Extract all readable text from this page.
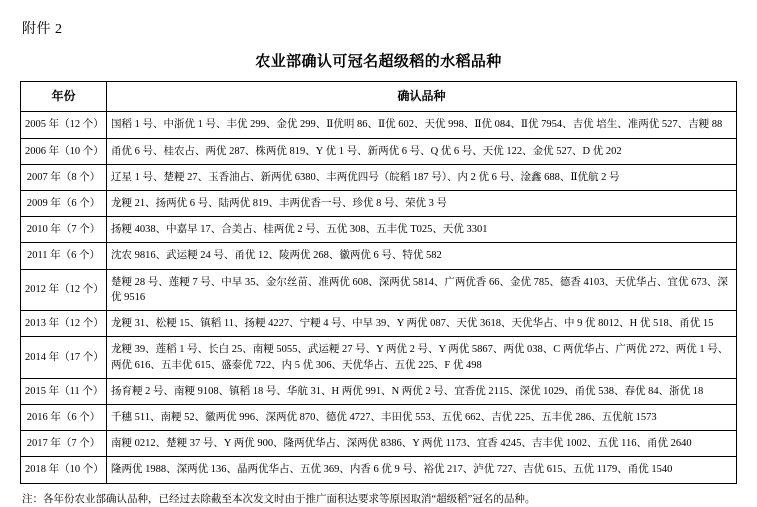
附件 2
农业部确认可冠名超级稻的水稻品种
年份	确认品种
2005 年（12 个）	国稻 1 号、中浙优 1 号、丰优 299、金优 299、Ⅱ优明 86、Ⅱ优 602、天优 998、Ⅱ优 084、Ⅱ优 7954、吉优 培生、准两优 527、吉粳 88
2006 年（10 个）	甬优 6 号、桂农占、两优 287、株两优 819、Y 优 1 号、新两优 6 号、Q 优 6 号、天优 122、金优 527、D 优 202
2007 年（8 个）	辽星 1 号、楚粳 27、玉香油占、新两优 6380、丰两优四号（皖稻 187 号）、内 2 优 6 号、淦鑫 688、Ⅱ优航 2 号
2009 年（6 个）	龙粳 21、扬两优 6 号、陆两优 819、丰两优香一号、珍优 8 号、荣优 3 号
2010 年（7 个）	扬粳 4038、中嘉早 17、合美占、桂两优 2 号、五优 308、五丰优 T025、天优 3301
2011 年（6 个）	沈农 9816、武运粳 24 号、甬优 12、陵两优 268、徽两优 6 号、特优 582
2012 年（12 个）	楚粳 28 号、莲粳 7 号、中早 35、金尔丝苗、准两优 608、深两优 5814、广两优香 66、金优 785、德香 4103、天优华占、宜优 673、深优 9516
2013 年（12 个）	龙粳 31、松粳 15、镇稻 11、扬粳 4227、宁粳 4 号、中早 39、Y 两优 087、天优 3618、天优华占、中 9 优 8012、H 优 518、甬优 15
2014 年（17 个）	龙粳 39、莲稻 1 号、长白 25、南粳 5055、武运粳 27 号、Y 两优 2 号、Y 两优 5867、两优 038、C 两优华占、广两优 272、两优 1 号、两优 616、五丰优 615、盛泰优 722、内 5 优 306、天优华占、五优 225、F 优 498
2015 年（11 个）	扬育粳 2 号、南粳 9108、镇稻 18 号、华航 31、H 两优 991、N 两优 2 号、宜香优 2115、深优 1029、甬优 538、春优 84、浙优 18
2016 年（6 个）	千穗 511、南粳 52、徽两优 996、深两优 870、德优 4727、丰田优 553、五优 662、吉优 225、五丰优 286、五优航 1573
2017 年（7 个）	南粳 0212、楚粳 37 号、Y 两优 900、隆两优华占、深两优 8386、Y 两优 1173、宜香 4245、吉丰优 1002、五优 116、甬优 2640
2018 年（10 个）	隆两优 1988、深两优 136、晶两优华占、五优 369、内香 6 优 9 号、裕优 217、泸优 727、吉优 615、五优 1179、甬优 1540
注：各年份农业部确认品种，已经过去除截至本次发文时由于推广面积达要求等原因取消“超级稻”冠名的品种。
